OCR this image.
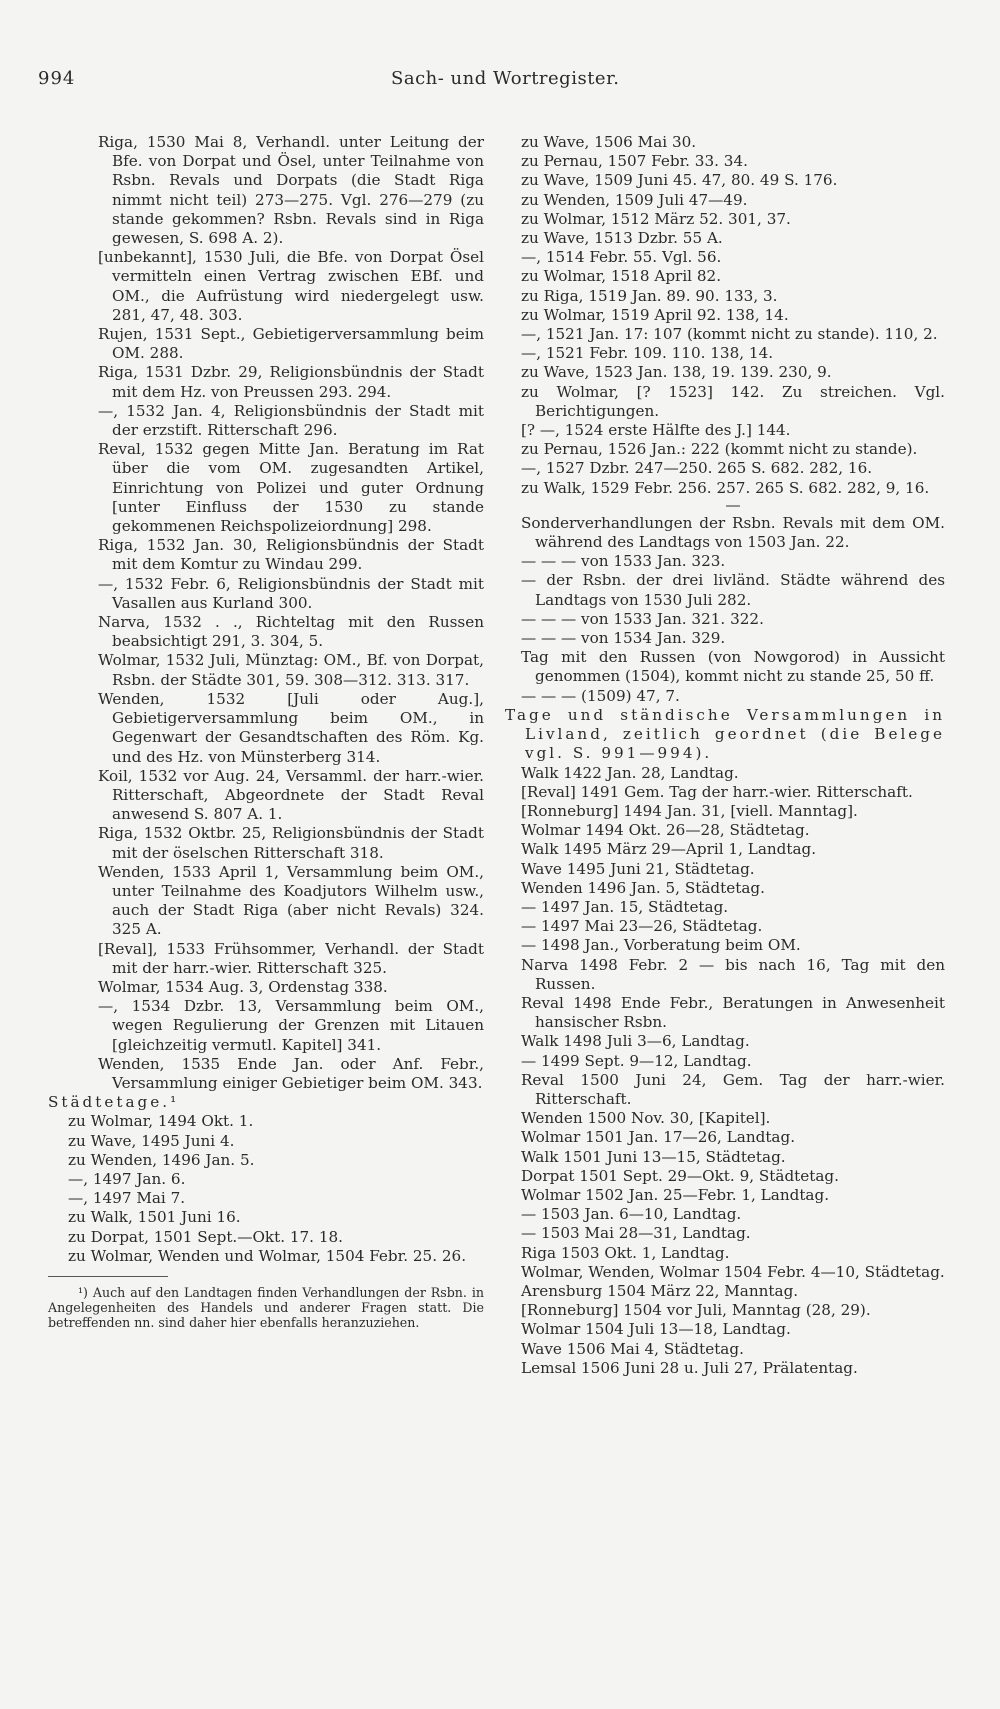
994	Sach- und Wortregister.
Riga, 1530 Mai 8, Verhandl. unter Leitung der Bfe. von Dorpat und Ösel, unter Teilnahme von Rsbn. Revals und Dorpats (die Stadt Riga nimmt nicht teil) 273—275. Vgl. 276—279 (zu stande gekommen? Rsbn. Revals sind in Riga gewesen, S. 698 A. 2).
[unbekannt], 1530 Juli, die Bfe. von Dorpat Ösel vermitteln einen Vertrag zwischen EBf. und OM., die Aufrüstung wird niedergelegt usw. 281, 47, 48. 303.
Rujen, 1531 Sept., Gebietigerversammlung beim OM. 288.
Riga, 1531 Dzbr. 29, Religionsbündnis der Stadt mit dem Hz. von Preussen 293. 294.
—, 1532 Jan. 4, Religionsbündnis der Stadt mit der erzstift. Ritterschaft 296.
Reval, 1532 gegen Mitte Jan. Beratung im Rat über die vom OM. zugesandten Artikel, Einrichtung von Polizei und guter Ordnung [unter Einfluss der 1530 zu stande gekommenen Reichspolizeiordnung] 298.
Riga, 1532 Jan. 30, Religionsbündnis der Stadt mit dem Komtur zu Windau 299.
—, 1532 Febr. 6, Religionsbündnis der Stadt mit Vasallen aus Kurland 300.
Narva, 1532 . ., Richteltag mit den Russen beabsichtigt 291, 3. 304, 5.
Wolmar, 1532 Juli, Münztag: OM., Bf. von Dorpat, Rsbn. der Städte 301, 59. 308—312. 313. 317.
Wenden, 1532 [Juli oder Aug.], Gebietigerversammlung beim OM., in Gegenwart der Gesandtschaften des Röm. Kg. und des Hz. von Münsterberg 314.
Koil, 1532 vor Aug. 24, Versamml. der harr.-wier. Ritterschaft, Abgeordnete der Stadt Reval anwesend S. 807 A. 1.
Riga, 1532 Oktbr. 25, Religionsbündnis der Stadt mit der öselschen Ritterschaft 318.
Wenden, 1533 April 1, Versammlung beim OM., unter Teilnahme des Koadjutors Wilhelm usw., auch der Stadt Riga (aber nicht Revals) 324. 325 A.
[Reval], 1533 Frühsommer, Verhandl. der Stadt mit der harr.-wier. Ritterschaft 325.
Wolmar, 1534 Aug. 3, Ordenstag 338.
—, 1534 Dzbr. 13, Versammlung beim OM., wegen Regulierung der Grenzen mit Litauen [gleichzeitig vermutl. Kapitel] 341.
Wenden, 1535 Ende Jan. oder Anf. Febr., Versammlung einiger Gebietiger beim OM. 343.
Städtetage.¹
zu Wolmar, 1494 Okt. 1.
zu Wave, 1495 Juni 4.
zu Wenden, 1496 Jan. 5.
—, 1497 Jan. 6.
—, 1497 Mai 7.
zu Walk, 1501 Juni 16.
zu Dorpat, 1501 Sept.—Okt. 17. 18.
zu Wolmar, Wenden und Wolmar, 1504 Febr. 25. 26.
¹) Auch auf den Landtagen finden Verhandlungen der Rsbn. in Angelegenheiten des Handels und anderer Fragen statt. Die betreffenden nn. sind daher hier ebenfalls heranzuziehen.
zu Wave, 1506 Mai 30.
zu Pernau, 1507 Febr. 33. 34.
zu Wave, 1509 Juni 45. 47, 80. 49 S. 176.
zu Wenden, 1509 Juli 47—49.
zu Wolmar, 1512 März 52. 301, 37.
zu Wave, 1513 Dzbr. 55 A.
—, 1514 Febr. 55. Vgl. 56.
zu Wolmar, 1518 April 82.
zu Riga, 1519 Jan. 89. 90. 133, 3.
zu Wolmar, 1519 April 92. 138, 14.
—, 1521 Jan. 17: 107 (kommt nicht zu stande). 110, 2.
—, 1521 Febr. 109. 110. 138, 14.
zu Wave, 1523 Jan. 138, 19. 139. 230, 9.
zu Wolmar, [? 1523] 142. Zu streichen. Vgl. Berichtigungen.
[? —, 1524 erste Hälfte des J.] 144.
zu Pernau, 1526 Jan.: 222 (kommt nicht zu stande).
—, 1527 Dzbr. 247—250. 265 S. 682. 282, 16.
zu Walk, 1529 Febr. 256. 257. 265 S. 682. 282, 9, 16.
—
Sonderverhandlungen der Rsbn. Revals mit dem OM. während des Landtags von 1503 Jan. 22.
— — — von 1533 Jan. 323.
— der Rsbn. der drei livländ. Städte während des Landtags von 1530 Juli 282.
— — — von 1533 Jan. 321. 322.
— — — von 1534 Jan. 329.
Tag mit den Russen (von Nowgorod) in Aussicht genommen (1504), kommt nicht zu stande 25, 50 ff.
— — — (1509) 47, 7.
Tage und ständische Versammlungen in Livland, zeitlich geordnet (die Belege vgl. S. 991—994).
Walk 1422 Jan. 28, Landtag.
[Reval] 1491 Gem. Tag der harr.-wier. Ritterschaft.
[Ronneburg] 1494 Jan. 31, [viell. Manntag].
Wolmar 1494 Okt. 26—28, Städtetag.
Walk 1495 März 29—April 1, Landtag.
Wave 1495 Juni 21, Städtetag.
Wenden 1496 Jan. 5, Städtetag.
— 1497 Jan. 15, Städtetag.
— 1497 Mai 23—26, Städtetag.
— 1498 Jan., Vorberatung beim OM.
Narva 1498 Febr. 2 — bis nach 16, Tag mit den Russen.
Reval 1498 Ende Febr., Beratungen in Anwesenheit hansischer Rsbn.
Walk 1498 Juli 3—6, Landtag.
— 1499 Sept. 9—12, Landtag.
Reval 1500 Juni 24, Gem. Tag der harr.-wier. Ritterschaft.
Wenden 1500 Nov. 30, [Kapitel].
Wolmar 1501 Jan. 17—26, Landtag.
Walk 1501 Juni 13—15, Städtetag.
Dorpat 1501 Sept. 29—Okt. 9, Städtetag.
Wolmar 1502 Jan. 25—Febr. 1, Landtag.
— 1503 Jan. 6—10, Landtag.
— 1503 Mai 28—31, Landtag.
Riga 1503 Okt. 1, Landtag.
Wolmar, Wenden, Wolmar 1504 Febr. 4—10, Städtetag.
Arensburg 1504 März 22, Manntag.
[Ronneburg] 1504 vor Juli, Manntag (28, 29).
Wolmar 1504 Juli 13—18, Landtag.
Wave 1506 Mai 4, Städtetag.
Lemsal 1506 Juni 28 u. Juli 27, Prälatentag.
